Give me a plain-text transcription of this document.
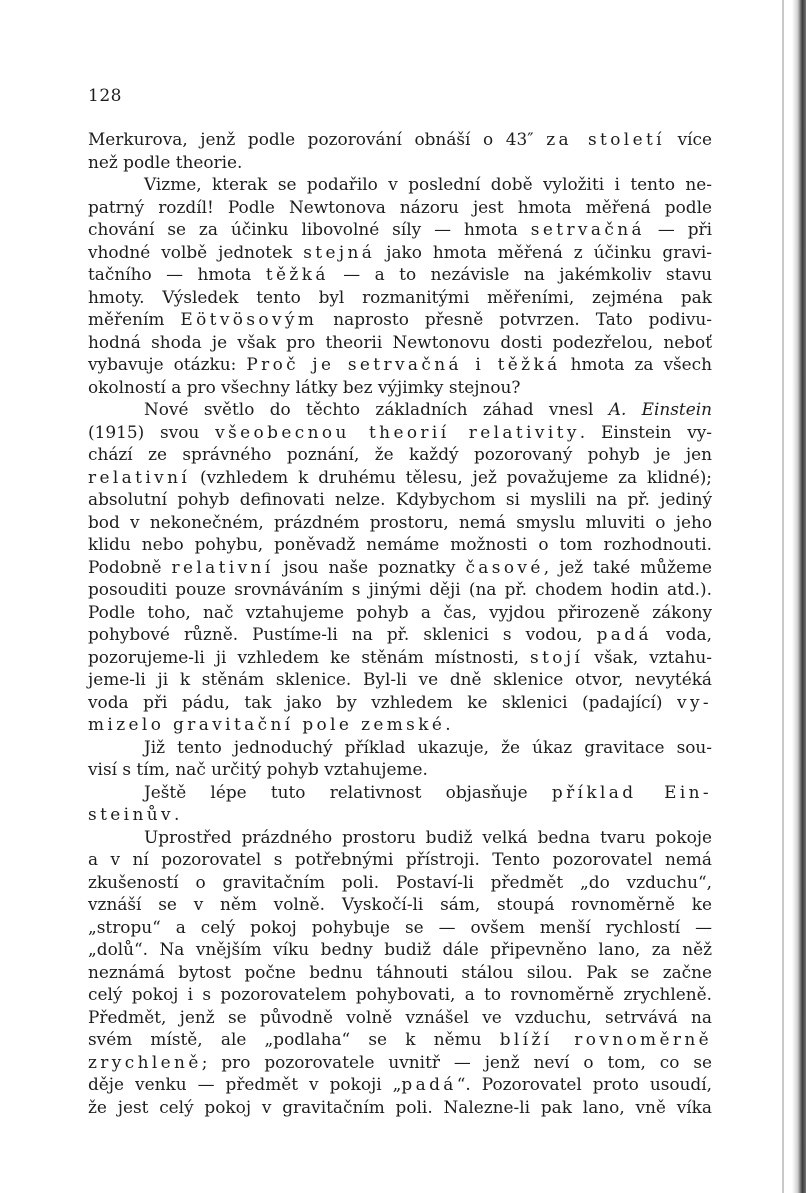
128
Merkurova, jenž podle pozorování obnáší o 43″ za století více
než podle theorie.
Vizme, kterak se podařilo v poslední době vyložiti i tento ne-
patrný rozdíl! Podle Newtonova názoru jest hmota měřená podle
chování se za účinku libovolné síly — hmota setrvačná — při
vhodné volbě jednotek stejná jako hmota měřená z účinku gravi-
tačního — hmota těžká — a to nezávisle na jakémkoliv stavu
hmoty. Výsledek tento byl rozmanitými měřeními, zejména pak
měřením Eötvösovým naprosto přesně potvrzen. Tato podivu-
hodná shoda je však pro theorii Newtonovu dosti podezřelou, neboť
vybavuje otázku: Proč je setrvačná i těžká hmota za všech
okolností a pro všechny látky bez výjimky stejnou?
Nové světlo do těchto základních záhad vnesl A. Einstein
(1915) svou všeobecnou theorií relativity. Einstein vy-
chází ze správného poznání, že každý pozorovaný pohyb je jen
relativní (vzhledem k druhému tělesu, jež považujeme za klidné);
absolutní pohyb definovati nelze. Kdybychom si myslili na př. jediný
bod v nekonečném, prázdném prostoru, nemá smyslu mluviti o jeho
klidu nebo pohybu, poněvadž nemáme možnosti o tom rozhodnouti.
Podobně relativní jsou naše poznatky časové, jež také můžeme
posouditi pouze srovnáváním s jinými ději (na př. chodem hodin atd.).
Podle toho, nač vztahujeme pohyb a čas, vyjdou přirozeně zákony
pohybové různě. Pustíme-li na př. sklenici s vodou, padá voda,
pozorujeme-li ji vzhledem ke stěnám místnosti, stojí však, vztahu-
jeme-li ji k stěnám sklenice. Byl-li ve dně sklenice otvor, nevytéká
voda při pádu, tak jako by vzhledem ke sklenici (padající) vy-
mizelo gravitační pole zemské.
Již tento jednoduchý příklad ukazuje, že úkaz gravitace sou-
visí s tím, nač určitý pohyb vztahujeme.
Ještě lépe tuto relativnost objasňuje příklad Ein-
steinův.
Uprostřed prázdného prostoru budiž velká bedna tvaru pokoje
a v ní pozorovatel s potřebnými přístroji. Tento pozorovatel nemá
zkušeností o gravitačním poli. Postaví-li předmět „do vzduchu“,
vznáší se v něm volně. Vyskočí-li sám, stoupá rovnoměrně ke
„stropu“ a celý pokoj pohybuje se — ovšem menší rychlostí —
„dolů“. Na vnějším víku bedny budiž dále připevněno lano, za něž
neznámá bytost počne bednu táhnouti stálou silou. Pak se začne
celý pokoj i s pozorovatelem pohybovati, a to rovnoměrně zrychleně.
Předmět, jenž se původně volně vznášel ve vzduchu, setrvává na
svém místě, ale „podlaha“ se k němu blíží rovnoměrně
zrychleně; pro pozorovatele uvnitř — jenž neví o tom, co se
děje venku — předmět v pokoji „padá“. Pozorovatel proto usoudí,
že jest celý pokoj v gravitačním poli. Nalezne-li pak lano, vně víka
